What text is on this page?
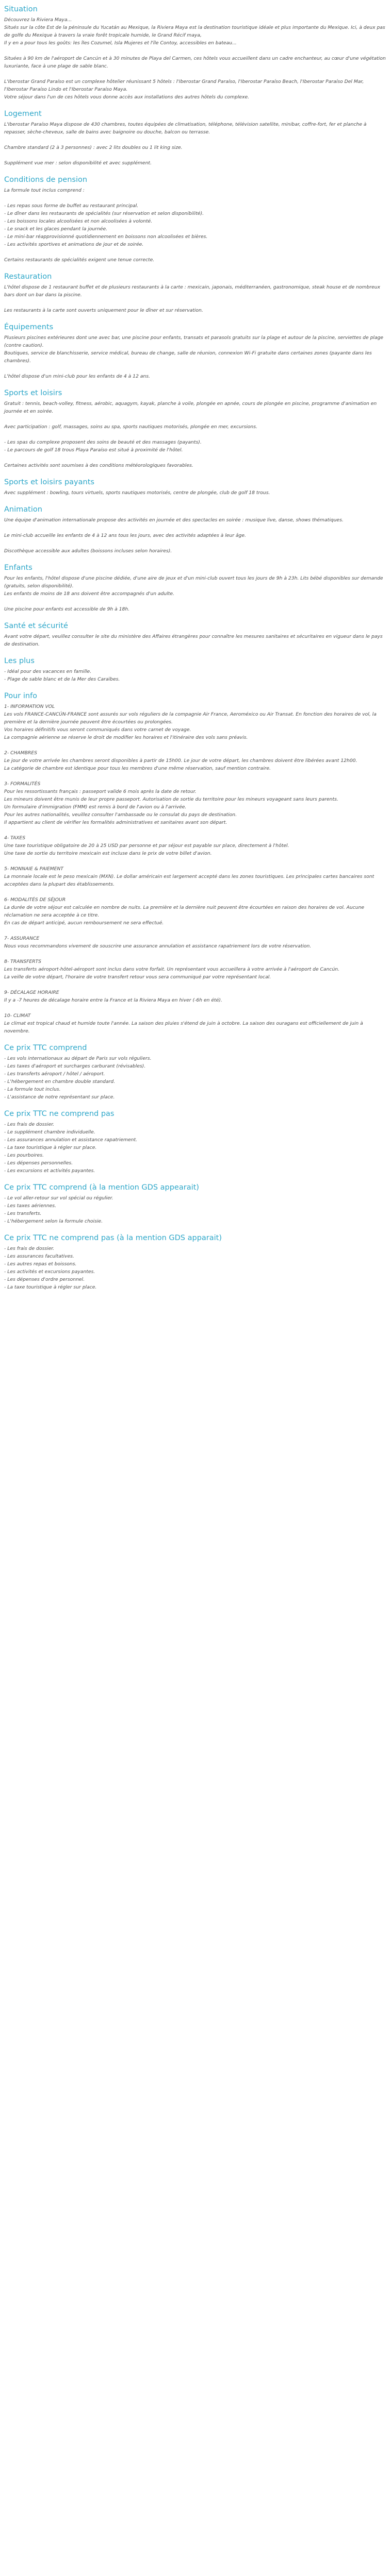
Situation

Découvrez la Riviera Maya...
Situés sur la côte Est de la péninsule du Yucatán au Mexique, la Riviera Maya est la destination touristique idéale et plus importante du Mexique. Ici, à deux pas de golfe du Mexique à travers la vraie forêt tropicale humide, le Grand Récif maya,
Il y en a pour tous les goûts: les îles Cozumel, Isla Mujeres et l'île Contoy, accessibles en bateau...

Situées à 90 km de l'aéroport de Cancún et à 30 minutes de Playa del Carmen, ces hôtels vous accueillent dans un cadre enchanteur, au cœur d'une végétation luxuriante, face à une plage de sable blanc.

L'Iberostar Grand Paraíso est un complexe hôtelier réunissant 5 hôtels : l'Iberostar Grand Paraíso, l'Iberostar Paraíso Beach, l'Iberostar Paraíso Del Mar, l'Iberostar Paraíso Lindo et l'Iberostar Paraíso Maya.
Votre séjour dans l'un de ces hôtels vous donne accès aux installations des autres hôtels du complexe.

Logement

L'Iberostar Paraíso Maya dispose de 430 chambres, toutes équipées de climatisation, téléphone, télévision satellite, minibar, coffre-fort, fer et planche à repasser, sèche-cheveux, salle de bains avec baignoire ou douche, balcon ou terrasse.

Chambre standard (2 à 3 personnes) : avec 2 lits doubles ou 1 lit king size.

Supplément vue mer : selon disponibilité et avec supplément.

Conditions de pension

La formule tout inclus comprend :

- Les repas sous forme de buffet au restaurant principal.
- Le dîner dans les restaurants de spécialités (sur réservation et selon disponibilité).
- Les boissons locales alcoolisées et non alcoolisées à volonté.
- Le snack et les glaces pendant la journée.
- Le mini-bar réapprovisionné quotidiennement en boissons non alcoolisées et bières.
- Les activités sportives et animations de jour et de soirée.

Certains restaurants de spécialités exigent une tenue correcte.

Restauration

L'hôtel dispose de 1 restaurant buffet et de plusieurs restaurants à la carte : mexicain, japonais, méditerranéen, gastronomique, steak house et de nombreux bars dont un bar dans la piscine.

Les restaurants à la carte sont ouverts uniquement pour le dîner et sur réservation.

Équipements

Plusieurs piscines extérieures dont une avec bar, une piscine pour enfants, transats et parasols gratuits sur la plage et autour de la piscine, serviettes de plage (contre caution).
Boutiques, service de blanchisserie, service médical, bureau de change, salle de réunion, connexion Wi-Fi gratuite dans certaines zones (payante dans les chambres).

L'hôtel dispose d'un mini-club pour les enfants de 4 à 12 ans.

Sports et loisirs

Gratuit : tennis, beach-volley, fitness, aérobic, aquagym, kayak, planche à voile, plongée en apnée, cours de plongée en piscine, programme d'animation en journée et en soirée.

Avec participation : golf, massages, soins au spa, sports nautiques motorisés, plongée en mer, excursions.

- Les spas du complexe proposent des soins de beauté et des massages (payants).
- Le parcours de golf 18 trous Playa Paraíso est situé à proximité de l'hôtel.

Certaines activités sont soumises à des conditions météorologiques favorables.

Sports et loisirs payants

Avec supplément : bowling, tours virtuels, sports nautiques motorisés, centre de plongée, club de golf 18 trous.

Animation

Une équipe d'animation internationale propose des activités en journée et des spectacles en soirée : musique live, danse, shows thématiques.

Le mini-club accueille les enfants de 4 à 12 ans tous les jours, avec des activités adaptées à leur âge.

Discothèque accessible aux adultes (boissons incluses selon horaires).

Enfants

Pour les enfants, l'hôtel dispose d'une piscine dédiée, d'une aire de jeux et d'un mini-club ouvert tous les jours de 9h à 23h. Lits bébé disponibles sur demande (gratuits, selon disponibilité).
Les enfants de moins de 18 ans doivent être accompagnés d'un adulte.

Une piscine pour enfants est accessible de 9h à 18h.

Santé et sécurité

Avant votre départ, veuillez consulter le site du ministère des Affaires étrangères pour connaître les mesures sanitaires et sécuritaires en vigueur dans le pays de destination.

Les plus
- Idéal pour des vacances en famille.
- Plage de sable blanc et de la Mer des Caraïbes.
Pour info

1- INFORMATION VOL
Les vols FRANCE-CANCÚN-FRANCE sont assurés sur vols réguliers de la compagnie Air France, Aeroméxico ou Air Transat. En fonction des horaires de vol, la première et la dernière journée peuvent être écourtées ou prolongées.
Vos horaires définitifs vous seront communiqués dans votre carnet de voyage.
La compagnie aérienne se réserve le droit de modifier les horaires et l'itinéraire des vols sans préavis.

2- CHAMBRES
Le jour de votre arrivée les chambres seront disponibles à partir de 15h00. Le jour de votre départ, les chambres doivent être libérées avant 12h00.
La catégorie de chambre est identique pour tous les membres d'une même réservation, sauf mention contraire.

3- FORMALITÉS
Pour les ressortissants français : passeport valide 6 mois après la date de retour.
Les mineurs doivent être munis de leur propre passeport. Autorisation de sortie du territoire pour les mineurs voyageant sans leurs parents.
Un formulaire d'immigration (FMM) est remis à bord de l'avion ou à l'arrivée.
Pour les autres nationalités, veuillez consulter l'ambassade ou le consulat du pays de destination.
Il appartient au client de vérifier les formalités administratives et sanitaires avant son départ.

4- TAXES
Une taxe touristique obligatoire de 20 à 25 USD par personne et par séjour est payable sur place, directement à l'hôtel.
Une taxe de sortie du territoire mexicain est incluse dans le prix de votre billet d'avion.

5- MONNAIE & PAIEMENT
La monnaie locale est le peso mexicain (MXN). Le dollar américain est largement accepté dans les zones touristiques. Les principales cartes bancaires sont acceptées dans la plupart des établissements.

6- MODALITÉS DE SÉJOUR
La durée de votre séjour est calculée en nombre de nuits. La première et la dernière nuit peuvent être écourtées en raison des horaires de vol. Aucune réclamation ne sera acceptée à ce titre.
En cas de départ anticipé, aucun remboursement ne sera effectué.

7- ASSURANCE
Nous vous recommandons vivement de souscrire une assurance annulation et assistance rapatriement lors de votre réservation.

8- TRANSFERTS
Les transferts aéroport-hôtel-aéroport sont inclus dans votre forfait. Un représentant vous accueillera à votre arrivée à l'aéroport de Cancún.
La veille de votre départ, l'horaire de votre transfert retour vous sera communiqué par votre représentant local.

9- DÉCALAGE HORAIRE
Il y a -7 heures de décalage horaire entre la France et la Riviera Maya en hiver (-6h en été).

10- CLIMAT
Le climat est tropical chaud et humide toute l'année. La saison des pluies s'étend de juin à octobre. La saison des ouragans est officiellement de juin à novembre.

Ce prix TTC comprend
- Les vols internationaux au départ de Paris sur vols réguliers.
- Les taxes d'aéroport et surcharges carburant (révisables).
- Les transferts aéroport / hôtel / aéroport.
- L'hébergement en chambre double standard.
- La formule tout inclus.
- L'assistance de notre représentant sur place.
Ce prix TTC ne comprend pas
- Les frais de dossier.
- Le supplément chambre individuelle.
- Les assurances annulation et assistance rapatriement.
- La taxe touristique à régler sur place.
- Les pourboires.
- Les dépenses personnelles.
- Les excursions et activités payantes.
Ce prix TTC comprend (à la mention GDS appearait)
- Le vol aller-retour sur vol spécial ou régulier.
- Les taxes aériennes.
- Les transferts.
- L'hébergement selon la formule choisie.
Ce prix TTC ne comprend pas (à la mention GDS apparait)
- Les frais de dossier.
- Les assurances facultatives.
- Les autres repas et boissons.
- Les activités et excursions payantes.
- Les dépenses d'ordre personnel.
- La taxe touristique à régler sur place.
